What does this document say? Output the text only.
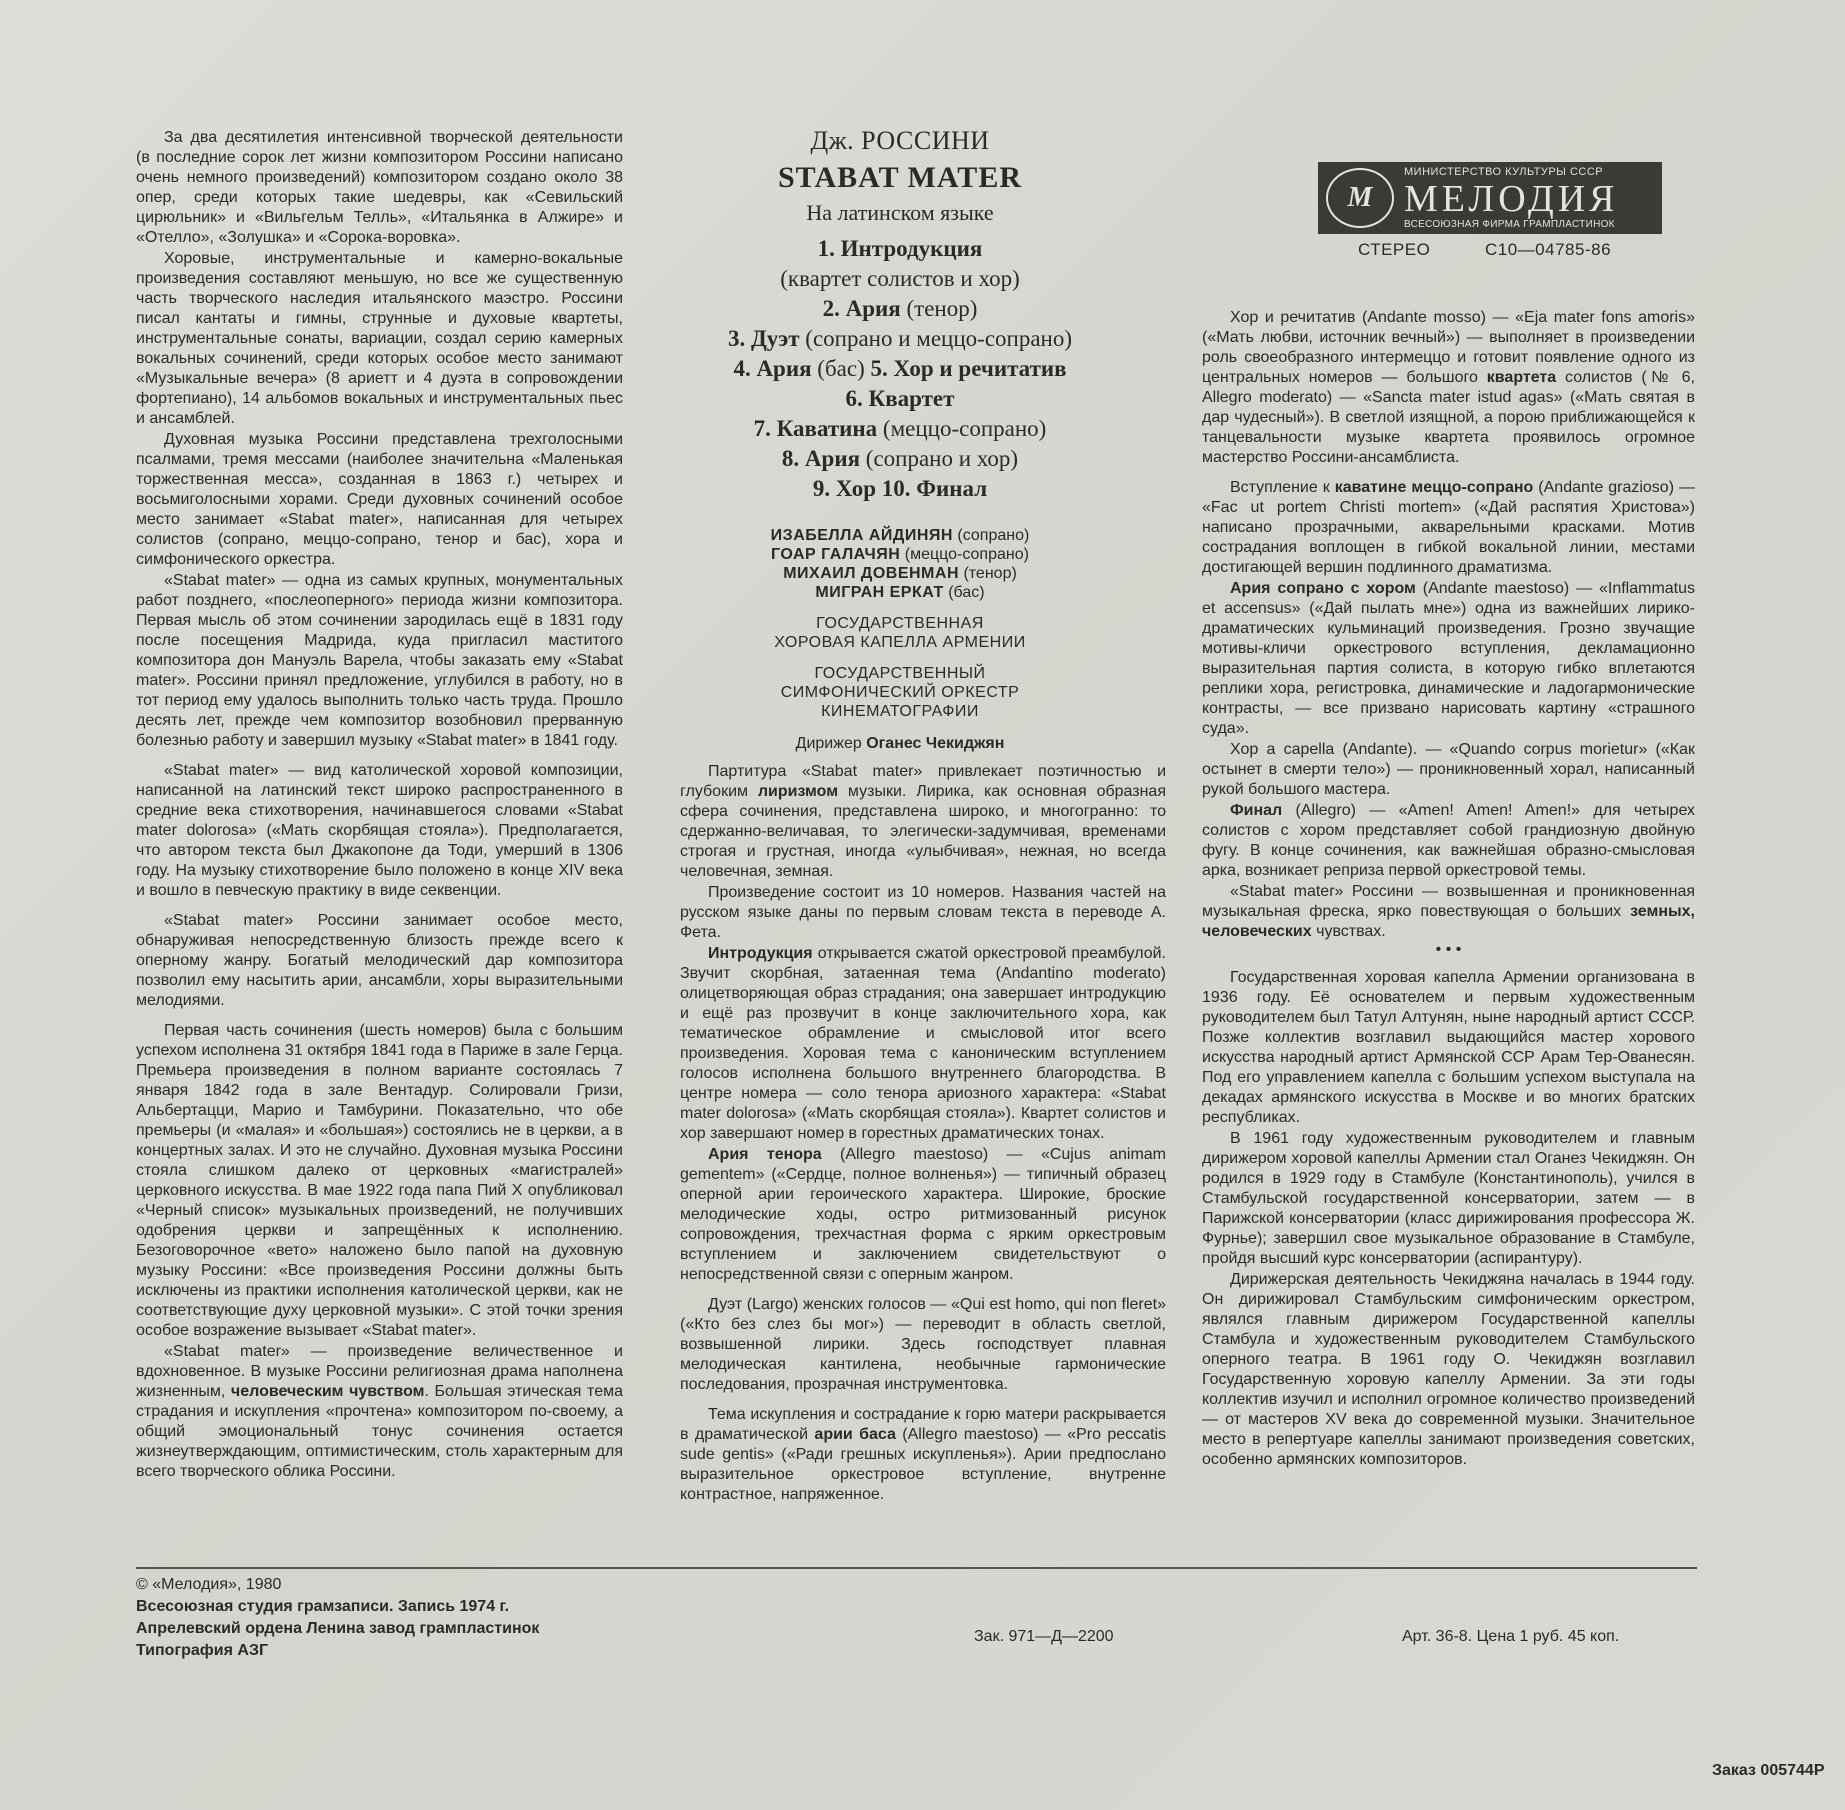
За два десятилетия интенсивной творческой деятельности (в последние сорок лет жизни композитором Россини написано очень немного произведений) композитором создано около 38 опер, среди которых такие шедевры, как «Севильский цирюльник» и «Вильгельм Телль», «Итальянка в Алжире» и «Отелло», «Золушка» и «Сорока-воровка».

Хоровые, инструментальные и камерно-вокальные произведения составляют меньшую, но все же существенную часть творческого наследия итальянского маэстро. Россини писал кантаты и гимны, струнные и духовые квартеты, инструментальные сонаты, вариации, создал серию камерных вокальных сочинений, среди которых особое место занимают «Музыкальные вечера» (8 ариетт и 4 дуэта в сопровождении фортепиано), 14 альбомов вокальных и инструментальных пьес и ансамблей.

Духовная музыка Россини представлена трехголосными псалмами, тремя мессами (наиболее значительна «Маленькая торжественная месса», созданная в 1863 г.) четырех и восьмиголосными хорами. Среди духовных сочинений особое место занимает «Stabat mater», написанная для четырех солистов (сопрано, меццо-сопрано, тенор и бас), хора и симфонического оркестра.

«Stabat mater» — одна из самых крупных, монументальных работ позднего, «послеоперного» периода жизни композитора. Первая мысль об этом сочинении зародилась ещё в 1831 году после посещения Мадрида, куда пригласил маститого композитора дон Мануэль Варела, чтобы заказать ему «Stabat mater». Россини принял предложение, углубился в работу, но в тот период ему удалось выполнить только часть труда. Прошло десять лет, прежде чем композитор возобновил прерванную болезнью работу и завершил музыку «Stabat mater» в 1841 году.

«Stabat mater» — вид католической хоровой композиции, написанной на латинский текст широко распространенного в средние века стихотворения, начинавшегося словами «Stabat mater dolorosa» («Мать скорбящая стояла»). Предполагается, что автором текста был Джакопоне да Тоди, умерший в 1306 году. На музыку стихотворение было положено в конце XIV века и вошло в певческую практику в виде секвенции.

«Stabat mater» Россини занимает особое место, обнаруживая непосредственную близость прежде всего к оперному жанру. Богатый мелодический дар композитора позволил ему насытить арии, ансамбли, хоры выразительными мелодиями.

Первая часть сочинения (шесть номеров) была с большим успехом исполнена 31 октября 1841 года в Париже в зале Герца. Премьера произведения в полном варианте состоялась 7 января 1842 года в зале Вентадур. Солировали Гризи, Альбертацци, Марио и Тамбурини. Показательно, что обе премьеры (и «малая» и «большая») состоялись не в церкви, а в концертных залах. И это не случайно. Духовная музыка Россини стояла слишком далеко от церковных «магистралей» церковного искусства. В мае 1922 года папа Пий X опубликовал «Черный список» музыкальных произведений, не получивших одобрения церкви и запрещённых к исполнению. Безоговорочное «вето» наложено было папой на духовную музыку Россини: «Все произведения Россини должны быть исключены из практики исполнения католической церкви, как не соответствующие духу церковной музыки». С этой точки зрения особое возражение вызывает «Stabat mater».

«Stabat mater» — произведение величественное и вдохновенное. В музыке Россини религиозная драма наполнена жизненным, человеческим чувством. Большая этическая тема страдания и искупления «прочтена» композитором по-своему, а общий эмоциональный тонус сочинения остается жизнеутверждающим, оптимистическим, столь характерным для всего творческого облика Россини.

Дж. РОССИНИ
STABAT MATER
На латинском языке
1. Интродукция
(квартет солистов и хор)
2. Ария (тенор)
3. Дуэт (сопрано и меццо-сопрано)
4. Ария (бас) 5. Хор и речитатив
6. Квартет
7. Каватина (меццо-сопрано)
8. Ария (сопрано и хор)
9. Хор 10. Финал
ИЗАБЕЛЛА АЙДИНЯН (сопрано)
ГОАР ГАЛАЧЯН (меццо-сопрано)
МИХАИЛ ДОВЕНМАН (тенор)
МИГРАН ЕРКАТ (бас)
ГОСУДАРСТВЕННАЯ
ХОРОВАЯ КАПЕЛЛА АРМЕНИИ
ГОСУДАРСТВЕННЫЙ
СИМФОНИЧЕСКИЙ ОРКЕСТР
КИНЕМАТОГРАФИИ
Дирижер Оганес Чекиджян
М
МИНИСТЕРСТВО КУЛЬТУРЫ СССР
МЕЛОДИЯ
ВСЕСОЮЗНАЯ ФИРМА ГРАМПЛАСТИНОК
СТЕРЕО	С10—04785-86

Партитура «Stabat mater» привлекает поэтичностью и глубоким лиризмом музыки. Лирика, как основная образная сфера сочинения, представлена широко, и многогранно: то сдержанно-величавая, то элегически-задумчивая, временами строгая и грустная, иногда «улыбчивая», нежная, но всегда человечная, земная.

Произведение состоит из 10 номеров. Названия частей на русском языке даны по первым словам текста в переводе А. Фета.

Интродукция открывается сжатой оркестровой преамбулой. Звучит скорбная, затаенная тема (Andantino moderato) олицетворяющая образ страдания; она завершает интродукцию и ещё раз прозвучит в конце заключительного хора, как тематическое обрамление и смысловой итог всего произведения. Хоровая тема с каноническим вступлением голосов исполнена большого внутреннего благородства. В центре номера — соло тенора ариозного характера: «Stabat mater dolorosa» («Мать скорбящая стояла»). Квартет солистов и хор завершают номер в горестных драматических тонах.

Ария тенора (Allegro maestoso) — «Cujus animam gementem» («Сердце, полное волненья») — типичный образец оперной арии героического характера. Широкие, броские мелодические ходы, остро ритмизованный рисунок сопровождения, трехчастная форма с ярким оркестровым вступлением и заключением свидетельствуют о непосредственной связи с оперным жанром.

Дуэт (Largo) женских голосов — «Qui est homo, qui non fleret» («Кто без слез бы мог») — переводит в область светлой, возвышенной лирики. Здесь господствует плавная мелодическая кантилена, необычные гармонические последования, прозрачная инструментовка.

Тема искупления и сострадание к горю матери раскрывается в драматической арии баса (Allegro maestoso) — «Pro peccatis sude gentis» («Ради грешных искупленья»). Арии предпослано выразительное оркестровое вступление, внутренне контрастное, напряженное.

Хор и речитатив (Andante mosso) — «Eja mater fons amoris» («Мать любви, источник вечный») — выполняет в произведении роль своеобразного интермеццо и готовит появление одного из центральных номеров — большого квартета солистов (№ 6, Allegro moderato) — «Sancta mater istud agas» («Мать святая в дар чудесный»). В светлой изящной, а порою приближающейся к танцевальности музыке квартета проявилось огромное мастерство Россини-ансамблиста.

Вступление к каватине меццо-сопрано (Andante grazioso) — «Fac ut portem Christi mortem» («Дай распятия Христова») написано прозрачными, акварельными красками. Мотив сострадания воплощен в гибкой вокальной линии, местами достигающей вершин подлинного драматизма.

Ария сопрано с хором (Andante maestoso) — «Inflammatus et accensus» («Дай пылать мне») одна из важнейших лирико-драматических кульминаций произведения. Грозно звучащие мотивы-кличи оркестрового вступления, декламационно выразительная партия солиста, в которую гибко вплетаются реплики хора, регистровка, динамические и ладогармонические контрасты, — все призвано нарисовать картину «страшного суда».

Хор a capella (Andante). — «Quando corpus morietur» («Как остынет в смерти тело») — проникновенный хорал, написанный рукой большого мастера.

Финал (Allegro) — «Amen! Amen! Amen!» для четырех солистов с хором представляет собой грандиозную двойную фугу. В конце сочинения, как важнейшая образно-смысловая арка, возникает реприза первой оркестровой темы.

«Stabat mater» Россини — возвышенная и проникновенная музыкальная фреска, ярко повествующая о больших земных, человеческих чувствах.

• • •

Государственная хоровая капелла Армении организована в 1936 году. Её основателем и первым художественным руководителем был Татул Алтунян, ныне народный артист СССР. Позже коллектив возглавил выдающийся мастер хорового искусства народный артист Армянской ССР Арам Тер-Ованесян. Под его управлением капелла с большим успехом выступала на декадах армянского искусства в Москве и во многих братских республиках.

В 1961 году художественным руководителем и главным дирижером хоровой капеллы Армении стал Оганез Чекиджян. Он родился в 1929 году в Стамбуле (Константинополь), учился в Стамбульской государственной консерватории, затем — в Парижской консерватории (класс дирижирования профессора Ж. Фурнье); завершил свое музыкальное образование в Стамбуле, пройдя высший курс консерватории (аспирантуру).

Дирижерская деятельность Чекиджяна началась в 1944 году. Он дирижировал Стамбульским симфоническим оркестром, являлся главным дирижером Государственной капеллы Стамбула и художественным руководителем Стамбульского оперного театра. В 1961 году О. Чекиджян возглавил Государственную хоровую капеллу Армении. За эти годы коллектив изучил и исполнил огромное количество произведений — от мастеров XV века до современной музыки. Значительное место в репертуаре капеллы занимают произведения советских, особенно армянских композиторов.

© «Мелодия», 1980
Всесоюзная студия грамзаписи. Запись 1974 г.
Апрелевский ордена Ленина завод грампластинок
Типография АЗГ
Зак. 971—Д—2200	Арт. 36-8. Цена 1 руб. 45 коп.
Заказ 005744Р
